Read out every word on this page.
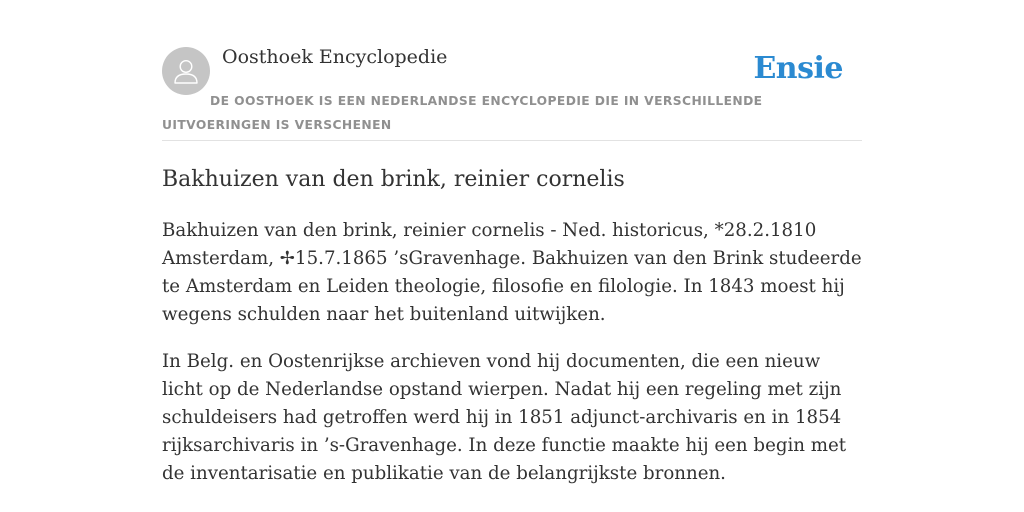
Oosthoek Encyclopedie	Ensie

DE OOSTHOEK IS EEN NEDERLANDSE ENCYCLOPEDIE DIE IN VERSCHILLENDE UITVOERINGEN IS VERSCHENEN

Bakhuizen van den brink, reinier cornelis

Bakhuizen van den brink, reinier cornelis - Ned. historicus, *28.2.1810 Amsterdam, ✢15.7.1865 ’sGravenhage. Bakhuizen van den Brink studeerde te Amsterdam en Leiden theologie, filosofie en filologie. In 1843 moest hij wegens schulden naar het buitenland uitwijken.

In Belg. en Oostenrijkse archieven vond hij documenten, die een nieuw licht op de Nederlandse opstand wierpen. Nadat hij een regeling met zijn schuldeisers had getroffen werd hij in 1851 adjunct-archivaris en in 1854 rijksarchivaris in ’s-Gravenhage. In deze functie maakte hij een begin met de inventarisatie en publikatie van de belangrijkste bronnen.
